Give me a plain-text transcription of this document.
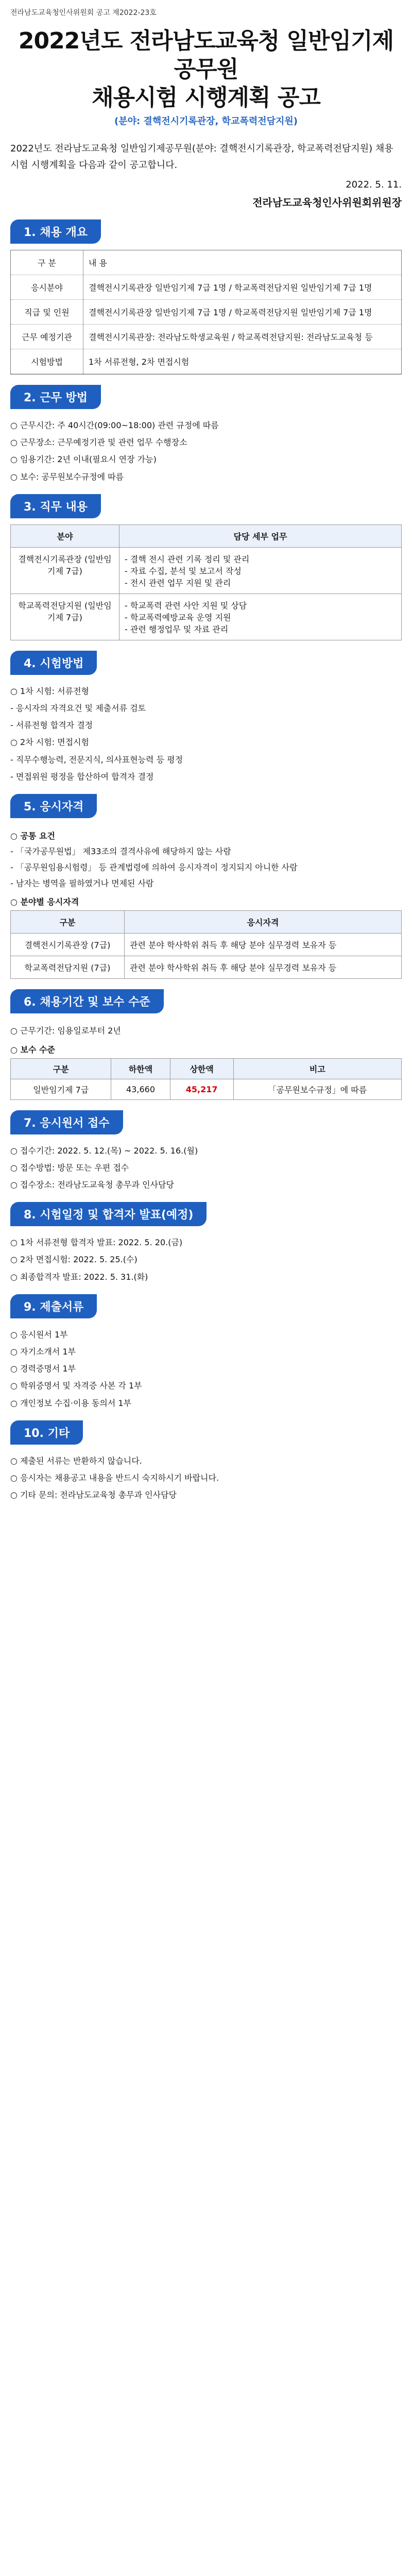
전라남도교육청인사위원회 공고 제2022-23호
2022년도 전라남도교육청 일반임기제공무원
채용시험 시행계획 공고
(분야: 결핵전시기록관장, 학교폭력전담지원)
2022년도 전라남도교육청 일반임기제공무원(분야: 결핵전시기록관장, 학교폭력전담지원) 채용시험 시행계획을 다음과 같이 공고합니다.
2022. 5. 11.
전라남도교육청인사위원회위원장
1. 채용 개요
구 분	내 용
응시분야	결핵전시기록관장 일반임기제 7급 1명 / 학교폭력전담지원 일반임기제 7급 1명
직급 및 인원	결핵전시기록관장 일반임기제 7급 1명 / 학교폭력전담지원 일반임기제 7급 1명
근무 예정기관	결핵전시기록관장: 전라남도학생교육원 / 학교폭력전담지원: 전라남도교육청 등
시험방법	1차 서류전형, 2차 면접시험
2. 근무 방법
○ 근무시간: 주 40시간(09:00~18:00) 관련 규정에 따름
○ 근무장소: 근무예정기관 및 관련 업무 수행장소
○ 임용기간: 2년 이내(필요시 연장 가능)
○ 보수: 공무원보수규정에 따름
3. 직무 내용
분야	담당 세부 업무
결핵전시기록관장 (일반임기제 7급)	- 결핵 전시 관련 기록 정리 및 관리
- 자료 수집, 분석 및 보고서 작성
- 전시 관련 업무 지원 및 관리
학교폭력전담지원 (일반임기제 7급)	- 학교폭력 관련 사안 지원 및 상담
- 학교폭력예방교육 운영 지원
- 관련 행정업무 및 자료 관리
4. 시험방법
○ 1차 시험: 서류전형
- 응시자의 자격요건 및 제출서류 검토
- 서류전형 합격자 결정
○ 2차 시험: 면접시험
- 직무수행능력, 전문지식, 의사표현능력 등 평정
- 면접위원 평정을 합산하여 합격자 결정
5. 응시자격
○ 공통 요건
- 「국가공무원법」 제33조의 결격사유에 해당하지 않는 사람
- 「공무원임용시험령」 등 관계법령에 의하여 응시자격이 정지되지 아니한 사람
- 남자는 병역을 필하였거나 면제된 사람
○ 분야별 응시자격
구분	응시자격
결핵전시기록관장 (7급)	관련 분야 학사학위 취득 후 해당 분야 실무경력 보유자 등
학교폭력전담지원 (7급)	관련 분야 학사학위 취득 후 해당 분야 실무경력 보유자 등
6. 채용기간 및 보수 수준
○ 근무기간: 임용일로부터 2년
○ 보수 수준
구분	하한액	상한액	비고
일반임기제 7급	43,660	45,217	「공무원보수규정」에 따름
7. 응시원서 접수
○ 접수기간: 2022. 5. 12.(목) ~ 2022. 5. 16.(월)
○ 접수방법: 방문 또는 우편 접수
○ 접수장소: 전라남도교육청 총무과 인사담당
8. 시험일정 및 합격자 발표(예정)
○ 1차 서류전형 합격자 발표: 2022. 5. 20.(금)
○ 2차 면접시험: 2022. 5. 25.(수)
○ 최종합격자 발표: 2022. 5. 31.(화)
9. 제출서류
○ 응시원서 1부
○ 자기소개서 1부
○ 경력증명서 1부
○ 학위증명서 및 자격증 사본 각 1부
○ 개인정보 수집·이용 동의서 1부
10. 기타
○ 제출된 서류는 반환하지 않습니다.
○ 응시자는 채용공고 내용을 반드시 숙지하시기 바랍니다.
○ 기타 문의: 전라남도교육청 총무과 인사담당
